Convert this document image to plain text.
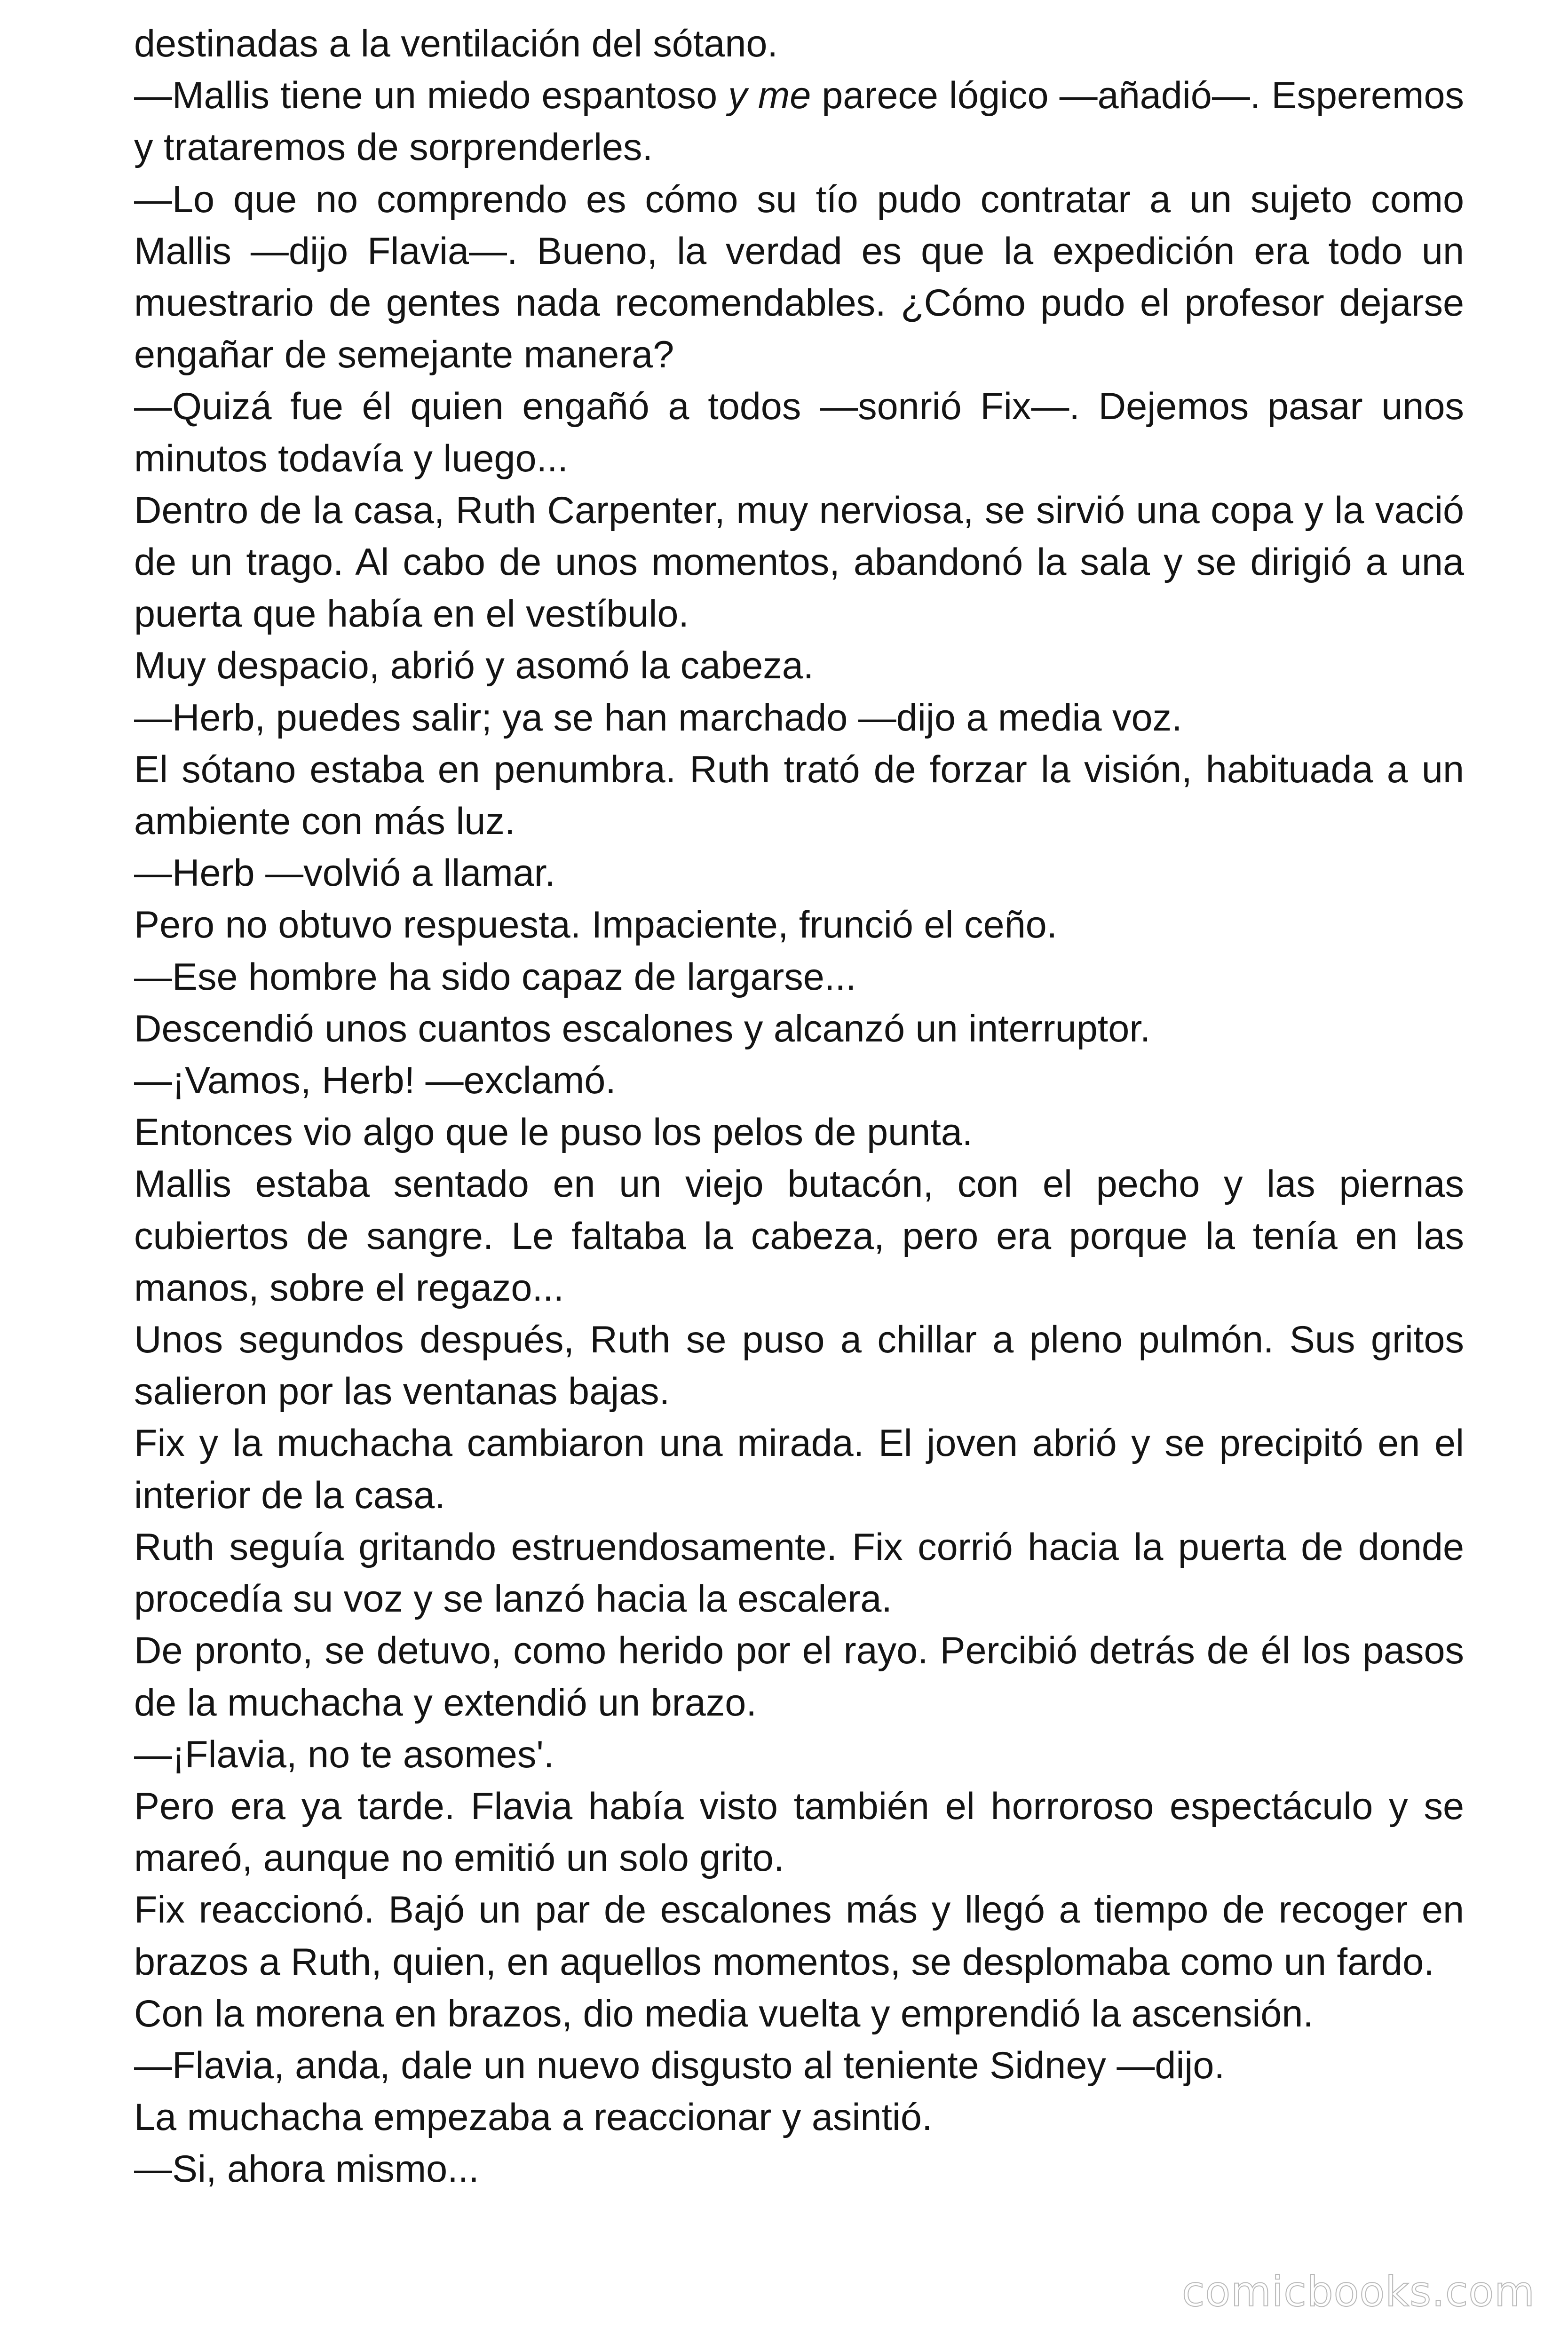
destinadas a la ventilación del sótano.

—Mallis tiene un miedo espantoso y me parece lógico —añadió—. Esperemos y trataremos de sorprenderles.

—Lo que no comprendo es cómo su tío pudo contratar a un sujeto como Mallis —dijo Flavia—. Bueno, la verdad es que la expedición era todo un muestrario de gentes nada recomendables. ¿Cómo pudo el profesor dejarse engañar de semejante manera?

—Quizá fue él quien engañó a todos —sonrió Fix—. Dejemos pasar unos minutos todavía y luego...

Dentro de la casa, Ruth Carpenter, muy nerviosa, se sirvió una copa y la vació de un trago. Al cabo de unos momentos, abandonó la sala y se dirigió a una puerta que había en el vestíbulo.

Muy despacio, abrió y asomó la cabeza.

—Herb, puedes salir; ya se han marchado —dijo a media voz.

El sótano estaba en penumbra. Ruth trató de forzar la visión, habituada a un ambiente con más luz.

—Herb —volvió a llamar.

Pero no obtuvo respuesta. Impaciente, frunció el ceño.

—Ese hombre ha sido capaz de largarse...

Descendió unos cuantos escalones y alcanzó un interruptor.

—¡Vamos, Herb! —exclamó.

Entonces vio algo que le puso los pelos de punta.

Mallis estaba sentado en un viejo butacón, con el pecho y las piernas cubiertos de sangre. Le faltaba la cabeza, pero era porque la tenía en las manos, sobre el regazo...

Unos segundos después, Ruth se puso a chillar a pleno pulmón. Sus gritos salieron por las ventanas bajas.

Fix y la muchacha cambiaron una mirada. El joven abrió y se precipitó en el interior de la casa.

Ruth seguía gritando estruendosamente. Fix corrió hacia la puerta de donde procedía su voz y se lanzó hacia la escalera.

De pronto, se detuvo, como herido por el rayo. Percibió detrás de él los pasos de la muchacha y extendió un brazo.

—¡Flavia, no te asomes'.

Pero era ya tarde. Flavia había visto también el horroroso espectáculo y se mareó, aunque no emitió un solo grito.

Fix reaccionó. Bajó un par de escalones más y llegó a tiempo de recoger en brazos a Ruth, quien, en aquellos momentos, se desplomaba como un fardo.

Con la morena en brazos, dio media vuelta y emprendió la ascensión.

—Flavia, anda, dale un nuevo disgusto al teniente Sidney —dijo.

La muchacha empezaba a reaccionar y asintió.

—Si, ahora mismo...

comicbooks.com
